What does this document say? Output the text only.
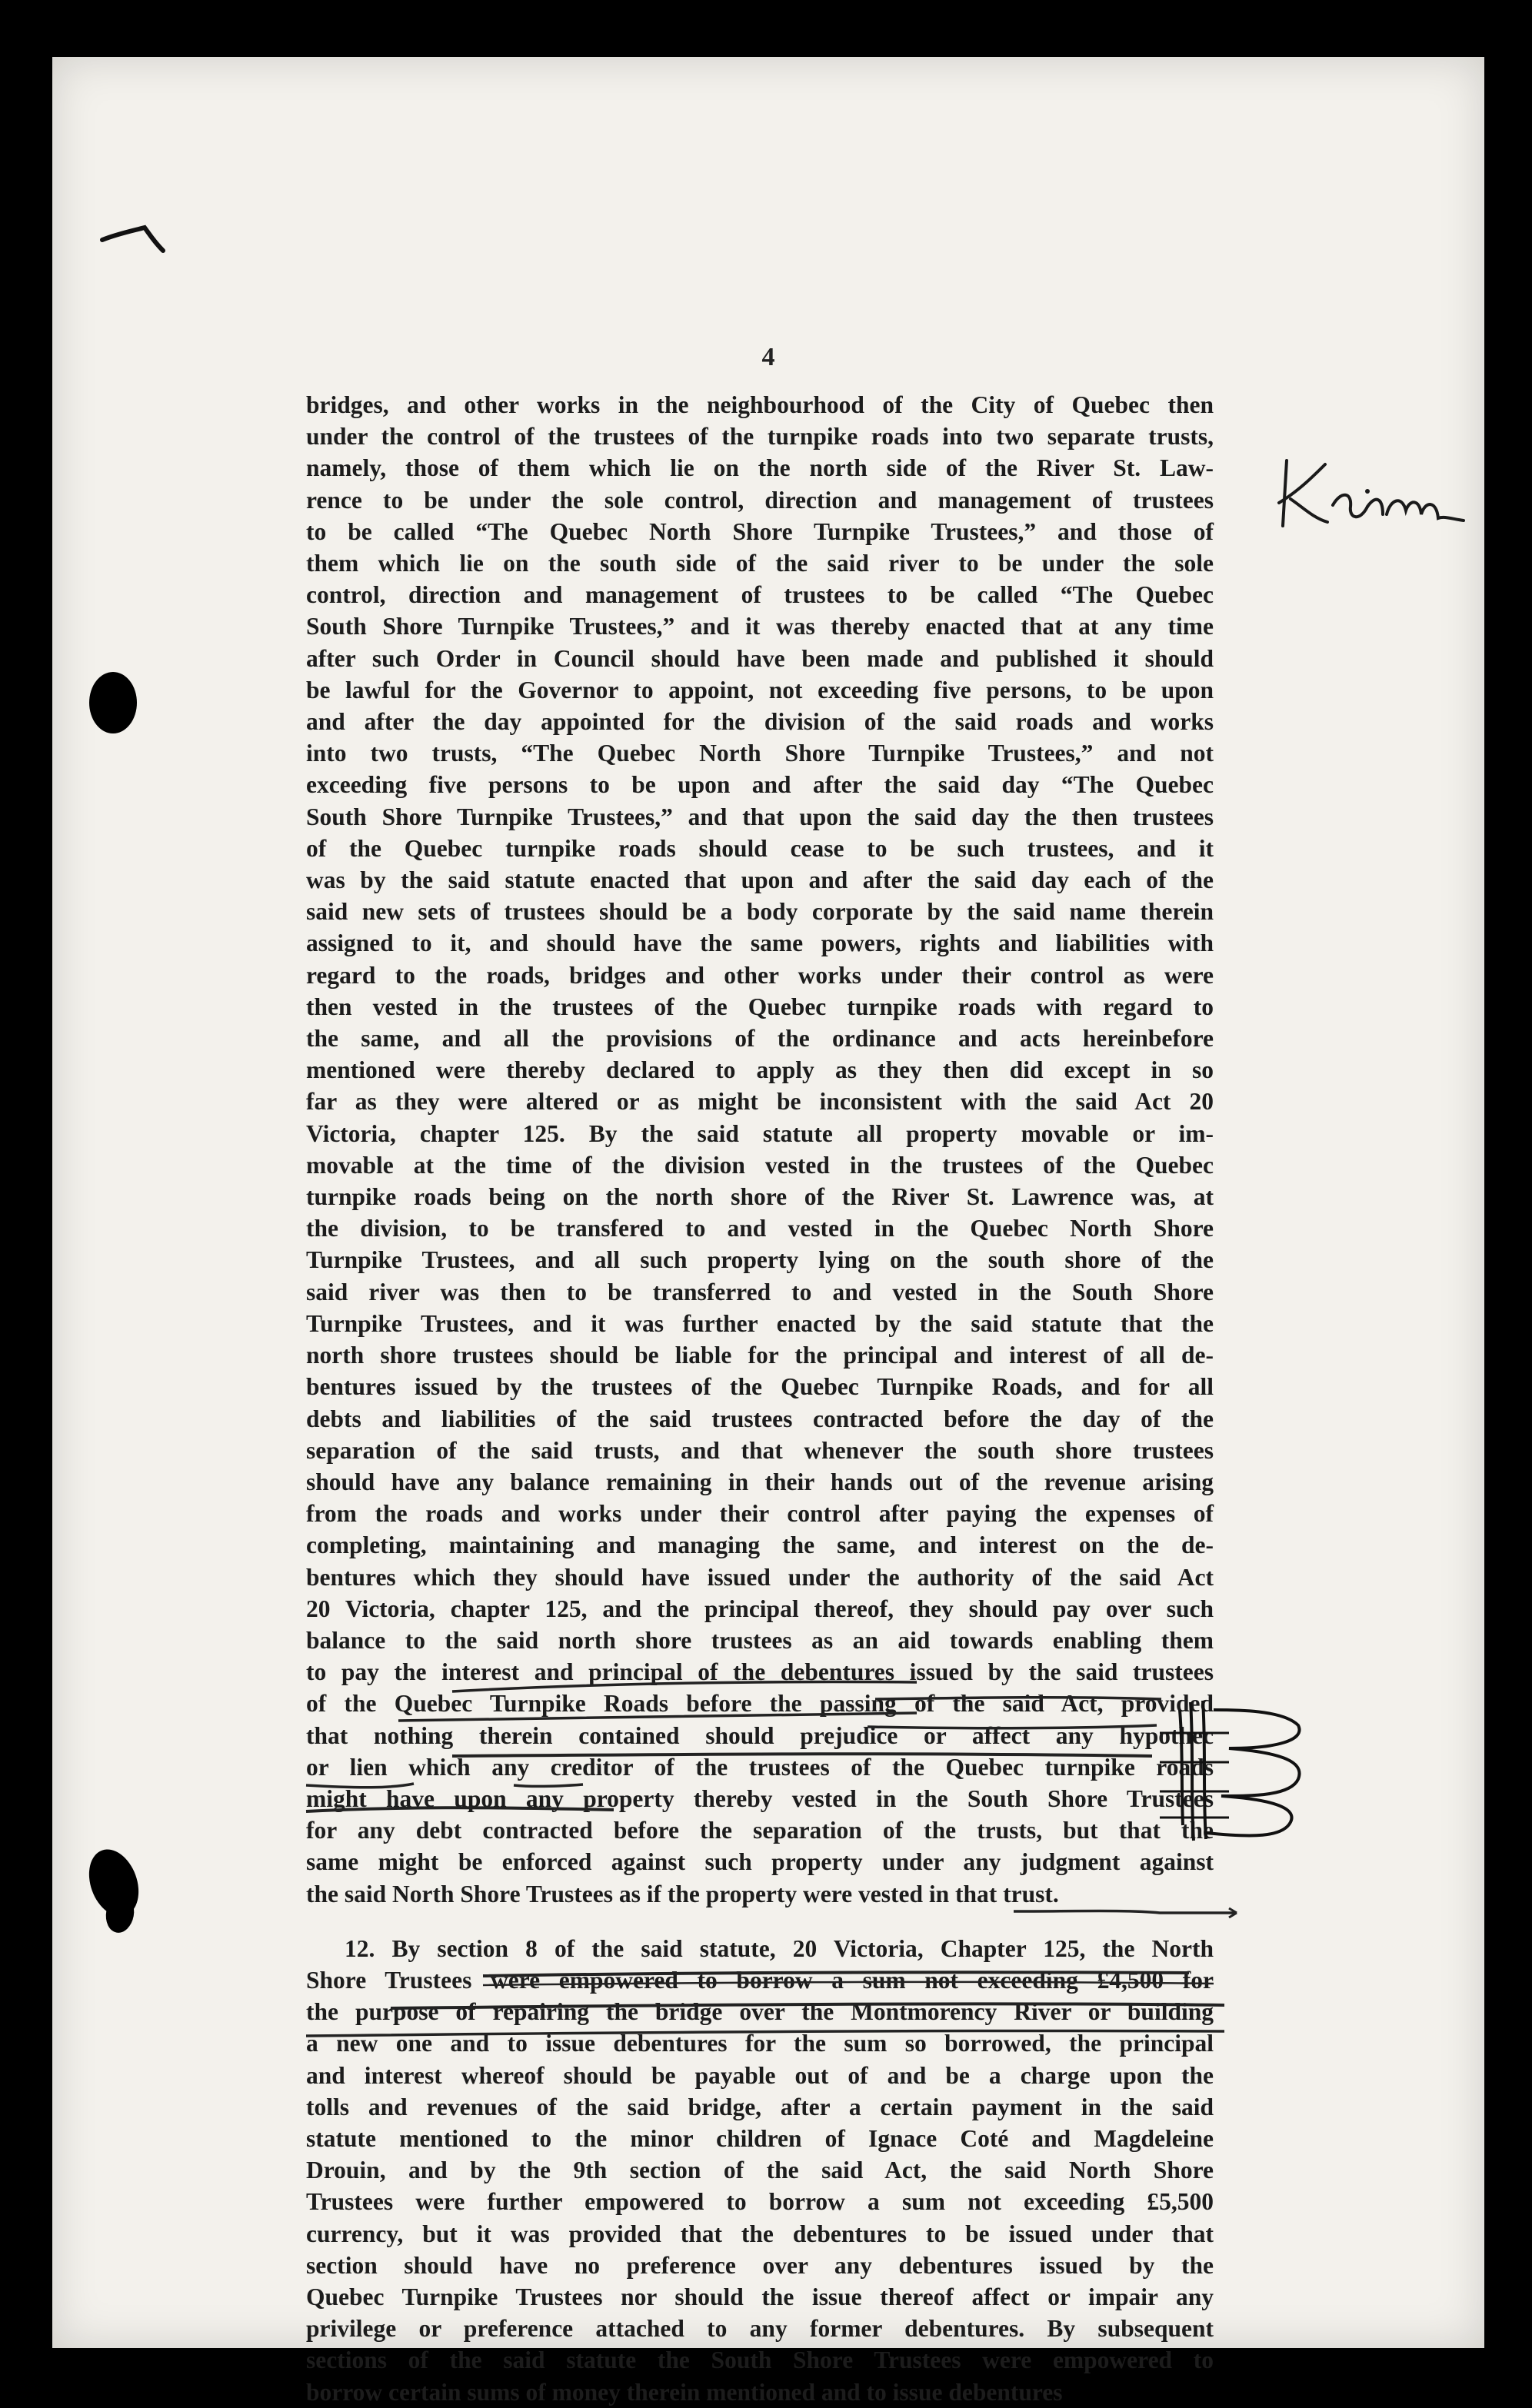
4
bridges, and other works in the neighbourhood of the City of Quebec then
under the control of the trustees of the turnpike roads into two separate trusts,
namely, those of them which lie on the north side of the River St. Law-
rence to be under the sole control, direction and management of trustees
to be called “The Quebec North Shore Turnpike Trustees,” and those of
them which lie on the south side of the said river to be under the sole
control, direction and management of trustees to be called “The Quebec
South Shore Turnpike Trustees,” and it was thereby enacted that at any time
after such Order in Council should have been made and published it should
be lawful for the Governor to appoint, not exceeding five persons, to be upon
and after the day appointed for the division of the said roads and works
into two trusts, “The Quebec North Shore Turnpike Trustees,” and not
exceeding five persons to be upon and after the said day “The Quebec
South Shore Turnpike Trustees,” and that upon the said day the then trustees
of the Quebec turnpike roads should cease to be such trustees, and it
was by the said statute enacted that upon and after the said day each of the
said new sets of trustees should be a body corporate by the said name therein
assigned to it, and should have the same powers, rights and liabilities with
regard to the roads, bridges and other works under their control as were
then vested in the trustees of the Quebec turnpike roads with regard to
the same, and all the provisions of the ordinance and acts hereinbefore
mentioned were thereby declared to apply as they then did except in so
far as they were altered or as might be inconsistent with the said Act 20
Victoria, chapter 125. By the said statute all property movable or im-
movable at the time of the division vested in the trustees of the Quebec
turnpike roads being on the north shore of the River St. Lawrence was, at
the division, to be transfered to and vested in the Quebec North Shore
Turnpike Trustees, and all such property lying on the south shore of the
said river was then to be transferred to and vested in the South Shore
Turnpike Trustees, and it was further enacted by the said statute that the
north shore trustees should be liable for the principal and interest of all de-
bentures issued by the trustees of the Quebec Turnpike Roads, and for all
debts and liabilities of the said trustees contracted before the day of the
separation of the said trusts, and that whenever the south shore trustees
should have any balance remaining in their hands out of the revenue arising
from the roads and works under their control after paying the expenses of
completing, maintaining and managing the same, and interest on the de-
bentures which they should have issued under the authority of the said Act
20 Victoria, chapter 125, and the principal thereof, they should pay over such
balance to the said north shore trustees as an aid towards enabling them
to pay the interest and principal of the debentures issued by the said trustees
of the Quebec Turnpike Roads before the passing of the said Act, provided
that nothing therein contained should prejudice or affect any hypothec
or lien which any creditor of the trustees of the Quebec turnpike roads
might have upon any property thereby vested in the South Shore Trustees
for any debt contracted before the separation of the trusts, but that the
same might be enforced against such property under any judgment against
the said North Shore Trustees as if the property were vested in that trust.
12. By section 8 of the said statute, 20 Victoria, Chapter 125, the North
Shore Trustees were empowered to borrow a sum not exceeding £4,500 for
the purpose of repairing the bridge over the Montmorency River or building
a new one and to issue debentures for the sum so borrowed, the principal
and interest whereof should be payable out of and be a charge upon the
tolls and revenues of the said bridge, after a certain payment in the said
statute mentioned to the minor children of Ignace Coté and Magdeleine
Drouin, and by the 9th section of the said Act, the said North Shore
Trustees were further empowered to borrow a sum not exceeding £5,500
currency, but it was provided that the debentures to be issued under that
section should have no preference over any debentures issued by the
Quebec Turnpike Trustees nor should the issue thereof affect or impair any
privilege or preference attached to any former debentures. By subsequent
sections of the said statute the South Shore Trustees were empowered to
borrow certain sums of money therein mentioned and to issue debentures
